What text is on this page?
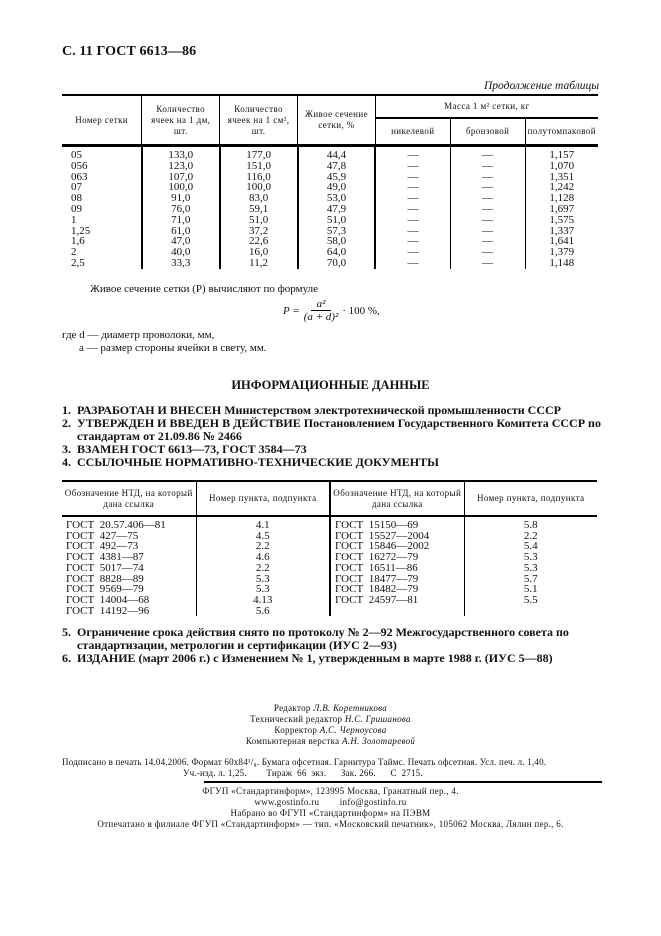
С. 11 ГОСТ 6613—86
Продолжение таблицы
Номер сетки	Количество ячеек на 1 дм, шт.	Количество ячеек на 1 см², шт.	Живое сечение сетки, %	Масса 1 м² сетки, кг		
				никелевой	бронзовой	полутомпаковой
05	133,0	177,0	44,4	—	—	1,157
056	123,0	151,0	47,8	—	—	1,070
063	107,0	116,0	45,9	—	—	1,351
07	100,0	100,0	49,0	—	—	1,242
08	91,0	83,0	53,0	—	—	1,128
09	76,0	59,1	47,9	—	—	1,697
1	71,0	51,0	51,0	—	—	1,575
1,25	61,0	37,2	57,3	—	—	1,337
1,6	47,0	22,6	58,0	—	—	1,641
2	40,0	16,0	64,0	—	—	1,379
2,5	33,3	11,2	70,0	—	—	1,148
Живое сечение сетки (P) вычисляют по формуле
$P = \frac{\text{a²}}{\text{(a + d)²}} \cdot 100$ %,
где d — диаметр проволоки, мм,
a — размер стороны ячейки в свету, мм.
ИНФОРМАЦИОННЫЕ ДАННЫЕ
1. РАЗРАБОТАН И ВНЕСЕН Министерством электротехнической промышленности СССР
2. УТВЕРЖДЕН И ВВЕДЕН В ДЕЙСТВИЕ Постановлением Государственного Комитета СССР по
стандартам от 21.09.86 № 2466
3. ВЗАМЕН ГОСТ 6613—73, ГОСТ 3584—73
4. ССЫЛОЧНЫЕ НОРМАТИВНО-ТЕХНИЧЕСКИЕ ДОКУМЕНТЫ
Обозначение НТД, на который дана ссылка	Номер пункта, подпункта	Обозначение НТД, на который дана ссылка	Номер пункта, подпункта
ГОСТ  20.57.406—81	4.1	ГОСТ  15150—69	5.8
ГОСТ  427—75	4.5	ГОСТ  15527—2004	2.2
ГОСТ  492—73	2.2	ГОСТ  15846—2002	5.4
ГОСТ  4381—87	4.6	ГОСТ  16272—79	5.3
ГОСТ  5017—74	2.2	ГОСТ  16511—86	5.3
ГОСТ  8828—89	5.3	ГОСТ  18477—79	5.7
ГОСТ  9569—79	5.3	ГОСТ  18482—79	5.1
ГОСТ  14004—68	4.13	ГОСТ  24597—81	5.5
ГОСТ  14192—96	5.6		
5. Ограничение срока действия снято по протоколу № 2—92 Межгосударственного совета по
стандартизации, метрологии и сертификации (ИУС 2—93)
6. ИЗДАНИЕ (март 2006 г.) с Изменением № 1, утвержденным в марте 1988 г. (ИУС 5—88)
Редактор Л.В. Коретникова
Технический редактор Н.С. Гришанова
Корректор А.С. Черноусова
Компьютерная верстка А.Н. Золотаревой
Подписано в печать 14.04.2006. Формат 60x84¹/₈. Бумага офсетная. Гарнитура Таймс. Печать офсетная. Усл. печ. л. 1,40.
Уч.-изд. л. 1,25.        Тираж  66  экз.      Зак. 266.      С  2715.
ФГУП «Стандартинформ», 123995 Москва, Гранатный пер., 4.
www.gostinfo.ru        info@gostinfo.ru
Набрано во ФГУП «Стандартинформ» на ПЭВМ
Отпечатано в филиале ФГУП «Стандартинформ» — тип. «Московский печатник», 105062 Москва, Лялин пер., 6.
